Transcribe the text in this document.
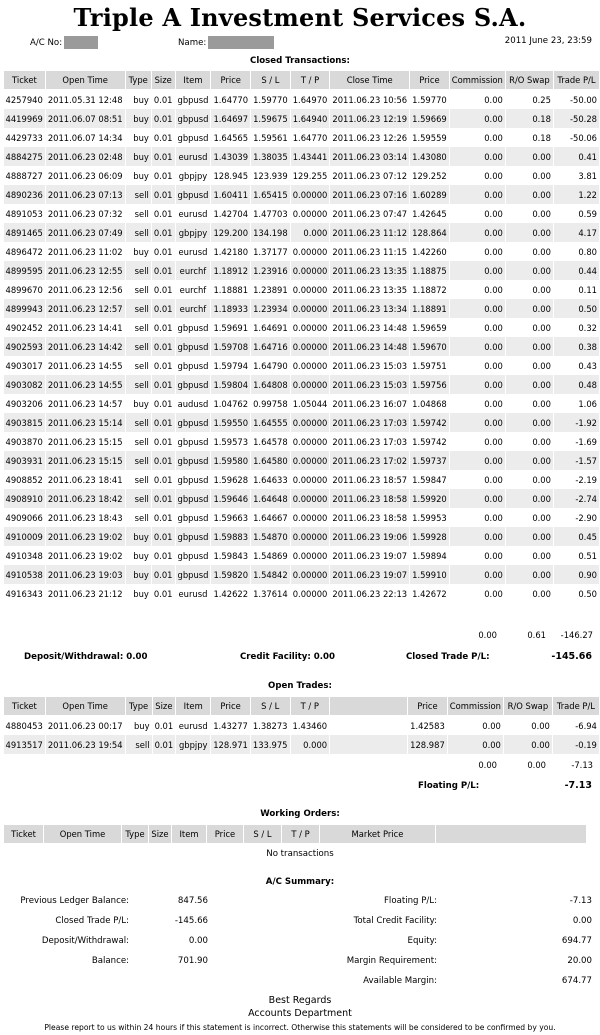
Triple A Investment Services S.A.
A/C No:	Name:	2011 June 23, 23:59
Closed Transactions:
Ticket	Open Time	Type	Size	Item	Price	S / L	T / P	Close Time	Price	Commission	R/O Swap	Trade P/L
4257940	2011.05.31 12:48	buy	0.01	gbpusd	1.64770	1.59770	1.64970	2011.06.23 10:56	1.59770	0.00	0.25	-50.00
4419969	2011.06.07 08:51	buy	0.01	gbpusd	1.64697	1.59675	1.64940	2011.06.23 12:19	1.59669	0.00	0.18	-50.28
4429733	2011.06.07 14:34	buy	0.01	gbpusd	1.64565	1.59561	1.64770	2011.06.23 12:26	1.59559	0.00	0.18	-50.06
4884275	2011.06.23 02:48	buy	0.01	eurusd	1.43039	1.38035	1.43441	2011.06.23 03:14	1.43080	0.00	0.00	0.41
4888727	2011.06.23 06:09	buy	0.01	gbpjpy	128.945	123.939	129.255	2011.06.23 07:12	129.252	0.00	0.00	3.81
4890236	2011.06.23 07:13	sell	0.01	gbpusd	1.60411	1.65415	0.00000	2011.06.23 07:16	1.60289	0.00	0.00	1.22
4891053	2011.06.23 07:32	sell	0.01	eurusd	1.42704	1.47703	0.00000	2011.06.23 07:47	1.42645	0.00	0.00	0.59
4891465	2011.06.23 07:49	sell	0.01	gbpjpy	129.200	134.198	0.000	2011.06.23 11:12	128.864	0.00	0.00	4.17
4896472	2011.06.23 11:02	buy	0.01	eurusd	1.42180	1.37177	0.00000	2011.06.23 11:15	1.42260	0.00	0.00	0.80
4899595	2011.06.23 12:55	sell	0.01	eurchf	1.18912	1.23916	0.00000	2011.06.23 13:35	1.18875	0.00	0.00	0.44
4899670	2011.06.23 12:56	sell	0.01	eurchf	1.18881	1.23891	0.00000	2011.06.23 13:35	1.18872	0.00	0.00	0.11
4899943	2011.06.23 12:57	sell	0.01	eurchf	1.18933	1.23934	0.00000	2011.06.23 13:34	1.18891	0.00	0.00	0.50
4902452	2011.06.23 14:41	sell	0.01	gbpusd	1.59691	1.64691	0.00000	2011.06.23 14:48	1.59659	0.00	0.00	0.32
4902593	2011.06.23 14:42	sell	0.01	gbpusd	1.59708	1.64716	0.00000	2011.06.23 14:48	1.59670	0.00	0.00	0.38
4903017	2011.06.23 14:55	sell	0.01	gbpusd	1.59794	1.64790	0.00000	2011.06.23 15:03	1.59751	0.00	0.00	0.43
4903082	2011.06.23 14:55	sell	0.01	gbpusd	1.59804	1.64808	0.00000	2011.06.23 15:03	1.59756	0.00	0.00	0.48
4903206	2011.06.23 14:57	buy	0.01	audusd	1.04762	0.99758	1.05044	2011.06.23 16:07	1.04868	0.00	0.00	1.06
4903815	2011.06.23 15:14	sell	0.01	gbpusd	1.59550	1.64555	0.00000	2011.06.23 17:03	1.59742	0.00	0.00	-1.92
4903870	2011.06.23 15:15	sell	0.01	gbpusd	1.59573	1.64578	0.00000	2011.06.23 17:03	1.59742	0.00	0.00	-1.69
4903931	2011.06.23 15:15	sell	0.01	gbpusd	1.59580	1.64580	0.00000	2011.06.23 17:02	1.59737	0.00	0.00	-1.57
4908852	2011.06.23 18:41	sell	0.01	gbpusd	1.59628	1.64633	0.00000	2011.06.23 18:57	1.59847	0.00	0.00	-2.19
4908910	2011.06.23 18:42	sell	0.01	gbpusd	1.59646	1.64648	0.00000	2011.06.23 18:58	1.59920	0.00	0.00	-2.74
4909066	2011.06.23 18:43	sell	0.01	gbpusd	1.59663	1.64667	0.00000	2011.06.23 18:58	1.59953	0.00	0.00	-2.90
4910009	2011.06.23 19:02	buy	0.01	gbpusd	1.59883	1.54870	0.00000	2011.06.23 19:06	1.59928	0.00	0.00	0.45
4910348	2011.06.23 19:02	buy	0.01	gbpusd	1.59843	1.54869	0.00000	2011.06.23 19:07	1.59894	0.00	0.00	0.51
4910538	2011.06.23 19:03	buy	0.01	gbpusd	1.59820	1.54842	0.00000	2011.06.23 19:07	1.59910	0.00	0.00	0.90
4916343	2011.06.23 21:12	buy	0.01	eurusd	1.42622	1.37614	0.00000	2011.06.23 22:13	1.42672	0.00	0.00	0.50
0.00	0.61	-146.27
Deposit/Withdrawal: 0.00	Credit Facility: 0.00	Closed Trade P/L:	-145.66
Open Trades:
Ticket	Open Time	Type	Size	Item	Price	S / L	T / P		Price	Commission	R/O Swap	Trade P/L
4880453	2011.06.23 00:17	buy	0.01	eurusd	1.43277	1.38273	1.43460		1.42583	0.00	0.00	-6.94
4913517	2011.06.23 19:54	sell	0.01	gbpjpy	128.971	133.975	0.000		128.987	0.00	0.00	-0.19
0.00	0.00	-7.13
Floating P/L:	-7.13
Working Orders:
Ticket	Open Time	Type	Size	Item	Price	S / L	T / P	Market Price	
No transactions
A/C Summary:
Previous Ledger Balance:	847.56
Closed Trade P/L:	-145.66
Deposit/Withdrawal:	0.00
Balance:	701.90
Floating P/L:	-7.13
Total Credit Facility:	0.00
Equity:	694.77
Margin Requirement:	20.00
Available Margin:	674.77
Best Regards
Accounts Department
Please report to us within 24 hours if this statement is incorrect. Otherwise this statements will be considered to be confirmed by you.
